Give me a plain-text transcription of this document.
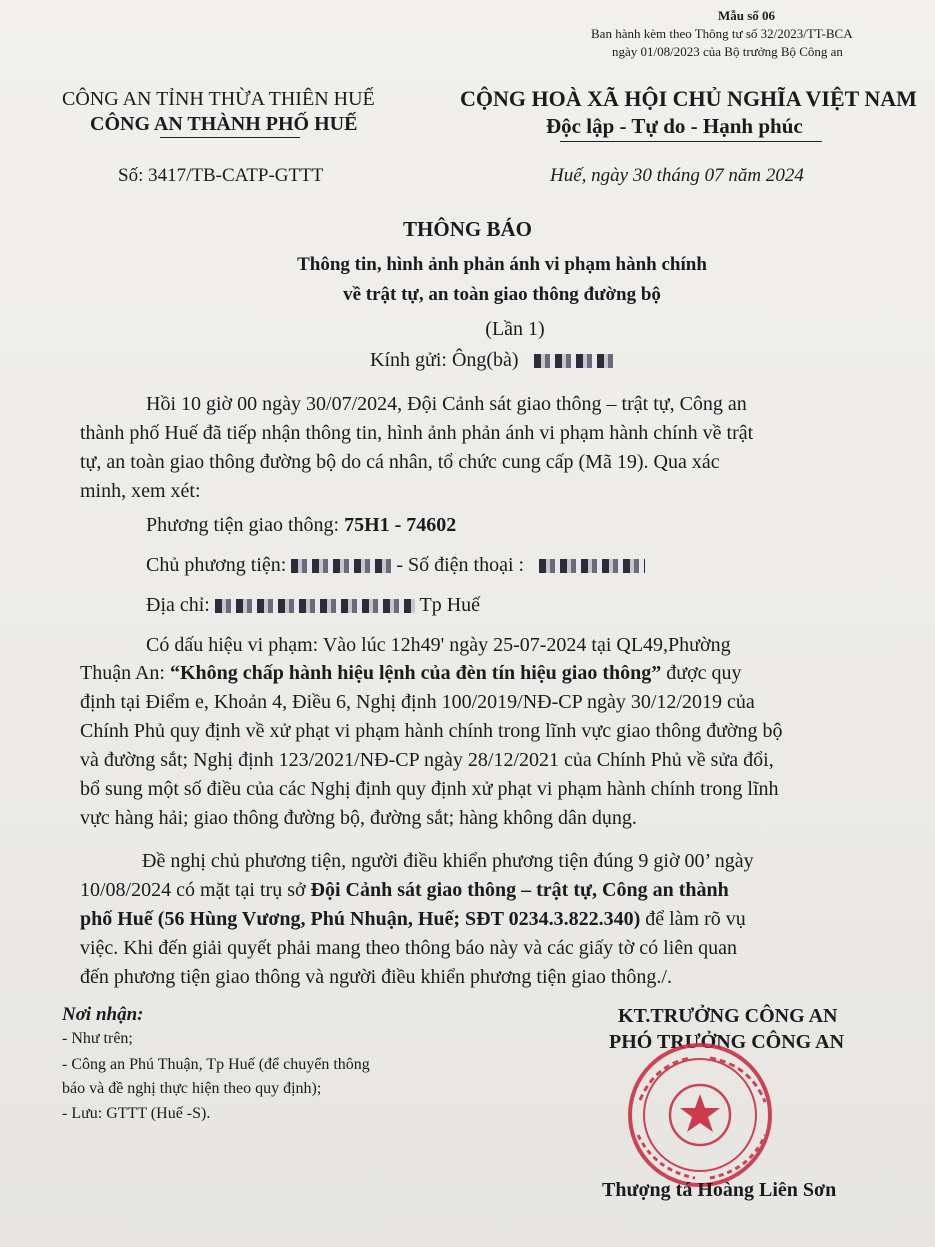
Mẫu số 06
Ban hành kèm theo Thông tư số 32/2023/TT-BCA
ngày 01/08/2023 của Bộ trưởng Bộ Công an
CÔNG AN TỈNH THỪA THIÊN HUẾ
CÔNG AN THÀNH PHỐ HUẾ
CỘNG HOÀ XÃ HỘI CHỦ NGHĨA VIỆT NAM
Độc lập - Tự do - Hạnh phúc
Số: 3417/TB-CATP-GTTT	Huế, ngày 30 tháng 07 năm 2024
THÔNG BÁO
Thông tin, hình ảnh phản ánh vi phạm hành chính
về trật tự, an toàn giao thông đường bộ
(Lần 1)
Kính gửi: Ông(bà)
Hồi 10 giờ 00 ngày 30/07/2024, Đội Cảnh sát giao thông – trật tự, Công an
thành phố Huế đã tiếp nhận thông tin, hình ảnh phản ánh vi phạm hành chính về trật
tự, an toàn giao thông đường bộ do cá nhân, tổ chức cung cấp (Mã 19). Qua xác
minh, xem xét:
Phương tiện giao thông: 75H1 - 74602
Chủ phương tiện:	- Số điện thoại :
Địa chỉ:	Tp Huế
Có dấu hiệu vi phạm: Vào lúc 12h49' ngày 25-07-2024 tại QL49,Phường
Thuận An: “Không chấp hành hiệu lệnh của đèn tín hiệu giao thông” được quy
định tại Điểm e, Khoản 4, Điều 6, Nghị định 100/2019/NĐ-CP ngày 30/12/2019 của
Chính Phủ quy định về xử phạt vi phạm hành chính trong lĩnh vực giao thông đường bộ
và đường sắt; Nghị định 123/2021/NĐ-CP ngày 28/12/2021 của Chính Phủ về sửa đổi,
bổ sung một số điều của các Nghị định quy định xử phạt vi phạm hành chính trong lĩnh
vực hàng hải; giao thông đường bộ, đường sắt; hàng không dân dụng.
Đề nghị chủ phương tiện, người điều khiển phương tiện đúng 9 giờ 00’ ngày
10/08/2024 có mặt tại trụ sở Đội Cảnh sát giao thông – trật tự, Công an thành
phố Huế (56 Hùng Vương, Phú Nhuận, Huế; SĐT 0234.3.822.340) để làm rõ vụ
việc. Khi đến giải quyết phải mang theo thông báo này và các giấy tờ có liên quan
đến phương tiện giao thông và người điều khiển phương tiện giao thông./.
Nơi nhận:
- Như trên;
- Công an Phú Thuận, Tp Huế (để chuyển thông
báo và đề nghị thực hiện theo quy định);
- Lưu: GTTT (Huế -S).
KT.TRƯỞNG CÔNG AN
PHÓ TRƯỞNG CÔNG AN
Thượng tá Hoàng Liên Sơn
